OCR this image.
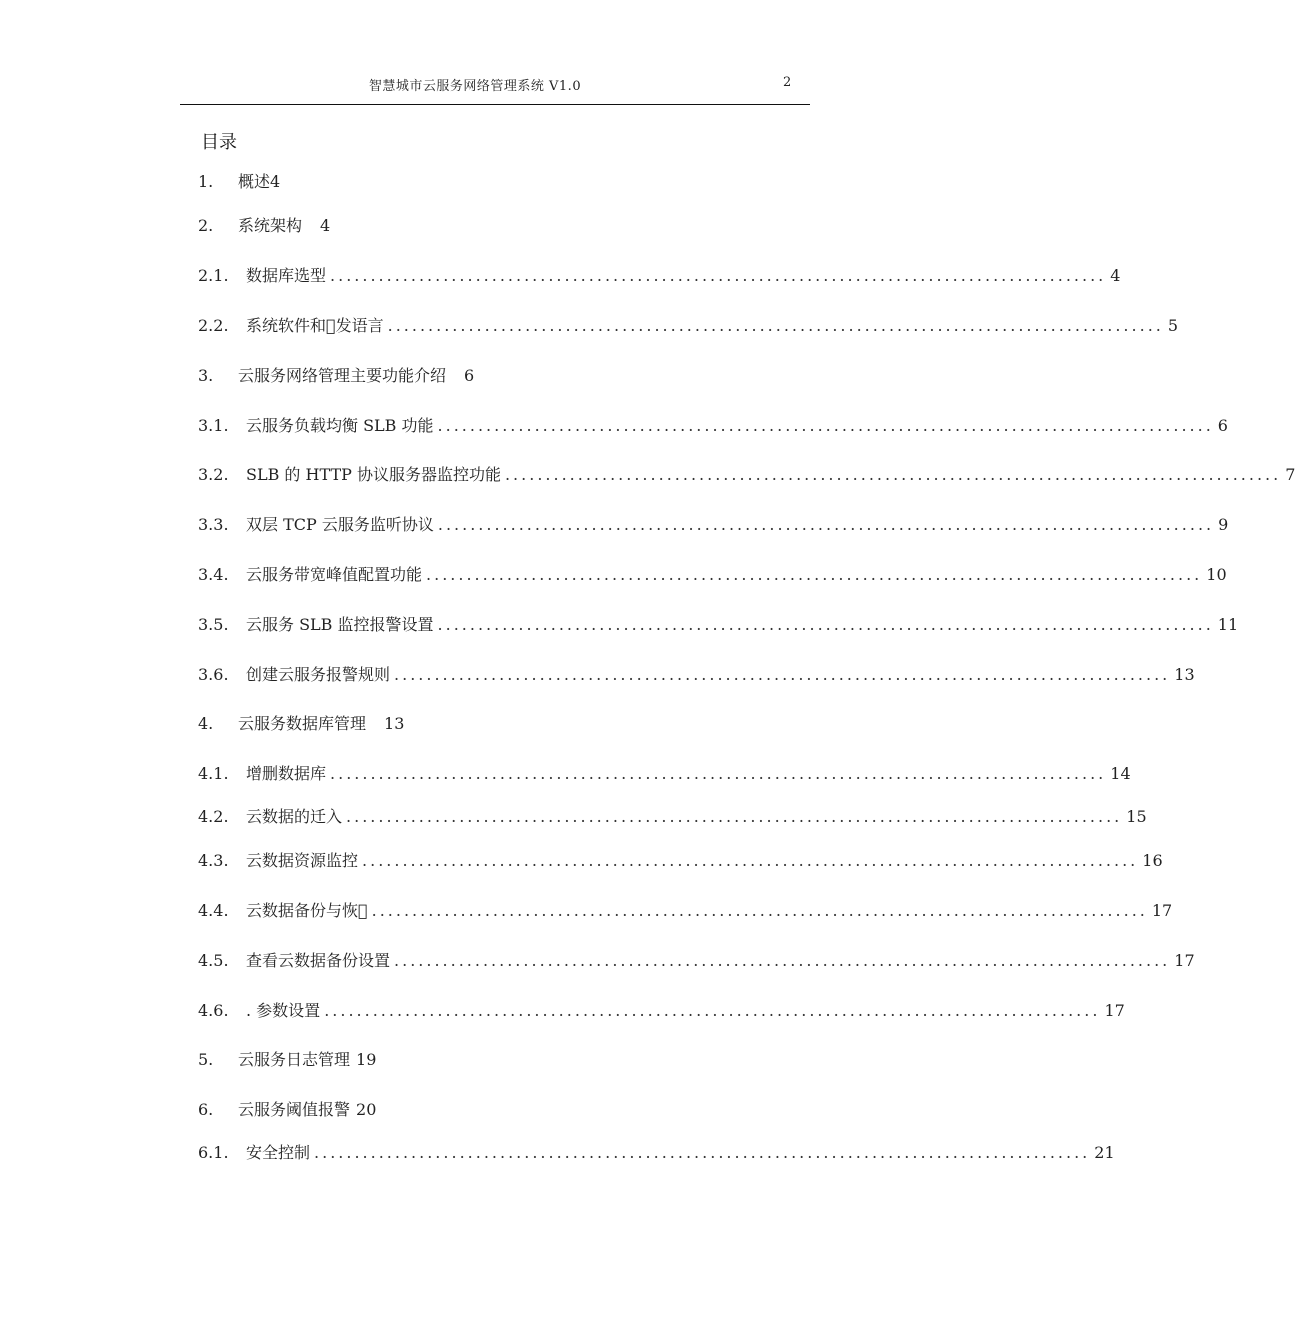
智慧城市云服务网络管理系统 V1.0	2
目录
1.	概述 4
2.	系统架构 4
2.1.	数据库选型 ................................................................................................ 4
2.2.	系统软件和 发语言 ................................................................................................ 5
3.	云服务网络管理主要功能介绍 6
3.1.	云服务负载均衡 SLB 功能 ................................................................................................ 6
3.2.	SLB 的 HTTP 协议服务器监控功能 ................................................................................................ 7
3.3.	双层 TCP 云服务监听协议 ................................................................................................ 9
3.4.	云服务带宽峰值配置功能 ................................................................................................ 10
3.5.	云服务 SLB 监控报警设置 ................................................................................................ 11
3.6.	创建云服务报警规则 ................................................................................................ 13
4.	云服务数据库管理 13
4.1.	增删数据库 ................................................................................................ 14
4.2.	云数据的迁入 ................................................................................................ 15
4.3.	云数据资源监控 ................................................................................................ 16
4.4.	云数据备份与恢  ................................................................................................ 17
4.5.	查看云数据备份设置 ................................................................................................ 17
4.6.	. 参数设置 ................................................................................................ 17
5.	云服务日志管理 19
6.	云服务阈值报警 20
6.1.	安全控制 ................................................................................................ 21
